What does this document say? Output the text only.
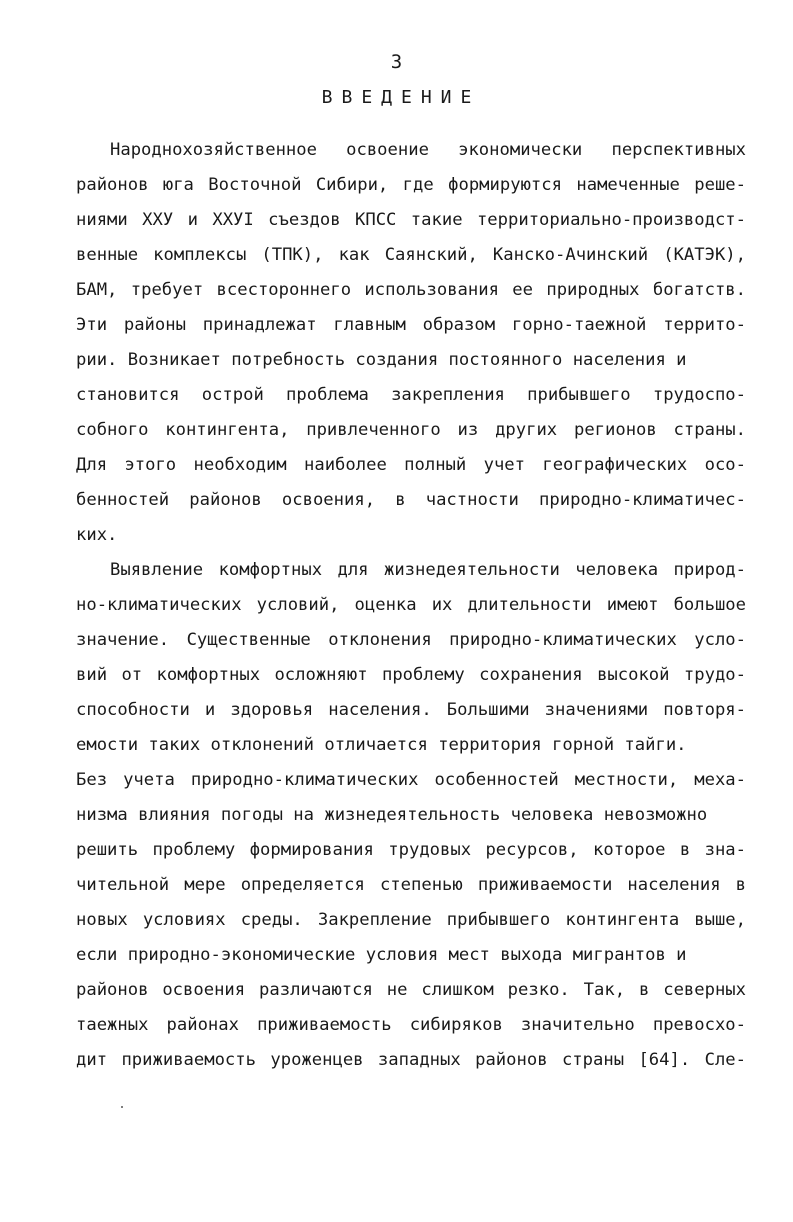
3
ВВЕДЕНИЕ
Народнохозяйственное освоение экономически перспективных
районов юга Восточной Сибири, где формируются намеченные реше-
ниями XXУ и XXУI съездов КПСС такие территориально-производст-
венные комплексы (ТПК), как Саянский, Канско-Ачинский (КАТЭК),
БАМ, требует всестороннего использования ее природных богатств.
Эти районы принадлежат главным образом горно-таежной террито-
рии. Возникает потребность создания постоянного населения и
становится острой проблема закрепления прибывшего трудоспо-
собного контингента, привлеченного из других регионов страны.
Для этого необходим наиболее полный учет географических осо-
бенностей районов освоения, в частности природно-климатичес-
ких.
Выявление комфортных для жизнедеятельности человека природ-
но-климатических условий, оценка их длительности имеют большое
значение. Существенные отклонения природно-климатических усло-
вий от комфортных осложняют проблему сохранения высокой трудо-
способности и здоровья населения. Большими значениями повторя-
емости таких отклонений отличается территория горной тайги.
Без учета природно-климатических особенностей местности, меха-
низма влияния погоды на жизнедеятельность человека невозможно
решить проблему формирования трудовых ресурсов, которое в зна-
чительной мере определяется степенью приживаемости населения в
новых условиях среды. Закрепление прибывшего контингента выше,
если природно-экономические условия мест выхода мигрантов и
районов освоения различаются не слишком резко. Так, в северных
таежных районах приживаемость сибиряков значительно превосхо-
дит приживаемость уроженцев западных районов страны [64]. Сле-
